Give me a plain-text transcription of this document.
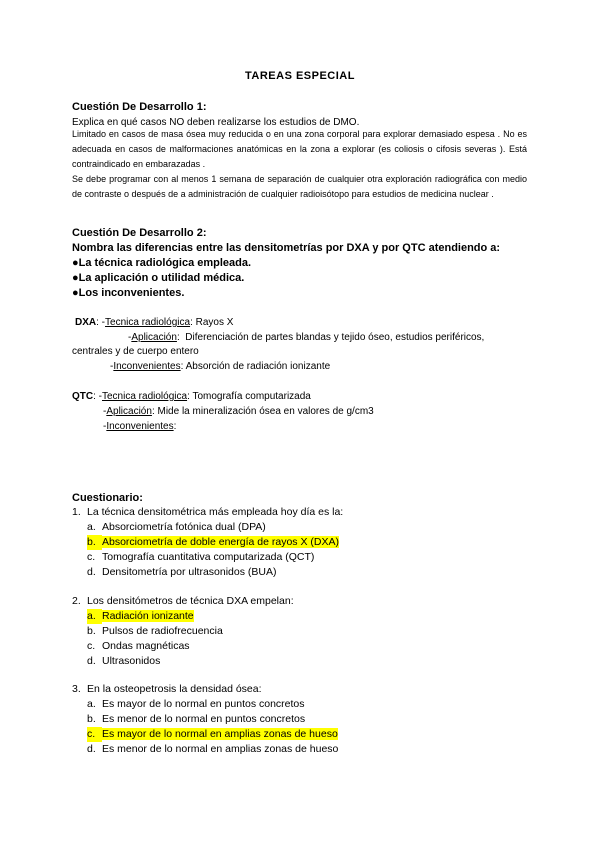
TAREAS ESPECIAL
Cuestión De Desarrollo 1:
Explica en qué casos NO deben realizarse los estudios de DMO.
Limitado en casos de masa ósea muy reducida o en una zona corporal para explorar demasiado espesa . No es adecuada en casos de malformaciones anatómicas en la zona a explorar (es coliosis o cifosis severas ). Está contraindicado en embarazadas .
Se debe programar con al menos 1 semana de separación de cualquier otra exploración radiográfica con medio de contraste o después de a administración de cualquier radioisótopo para estudios de medicina nuclear .
Cuestión De Desarrollo 2:
Nombra las diferencias entre las densitometrías por DXA y por QTC atendiendo a:
●La técnica radiológica empleada.
●La aplicación o utilidad médica.
●Los inconvenientes.
DXA: -Tecnica radiológica: Rayos X
-Aplicación:  Diferenciación de partes blandas y tejido óseo, estudios periféricos,
centrales y de cuerpo entero
-Inconvenientes: Absorción de radiación ionizante
QTC: -Tecnica radiológica: Tomografía computarizada
-Aplicación: Mide la mineralización ósea en valores de g/cm3
-Inconvenientes:
Cuestionario:
1. La técnica densitométrica más empleada hoy día es la:
a. Absorciometría fotónica dual (DPA)
b. Absorciometría de doble energía de rayos X (DXA)
c. Tomografía cuantitativa computarizada (QCT)
d. Densitometría por ultrasonidos (BUA)
2. Los densitómetros de técnica DXA empelan:
a. Radiación ionizante
b. Pulsos de radiofrecuencia
c. Ondas magnéticas
d. Ultrasonidos
3. En la osteopetrosis la densidad ósea:
a. Es mayor de lo normal en puntos concretos
b. Es menor de lo normal en puntos concretos
c. Es mayor de lo normal en amplias zonas de hueso
d. Es menor de lo normal en amplias zonas de hueso
